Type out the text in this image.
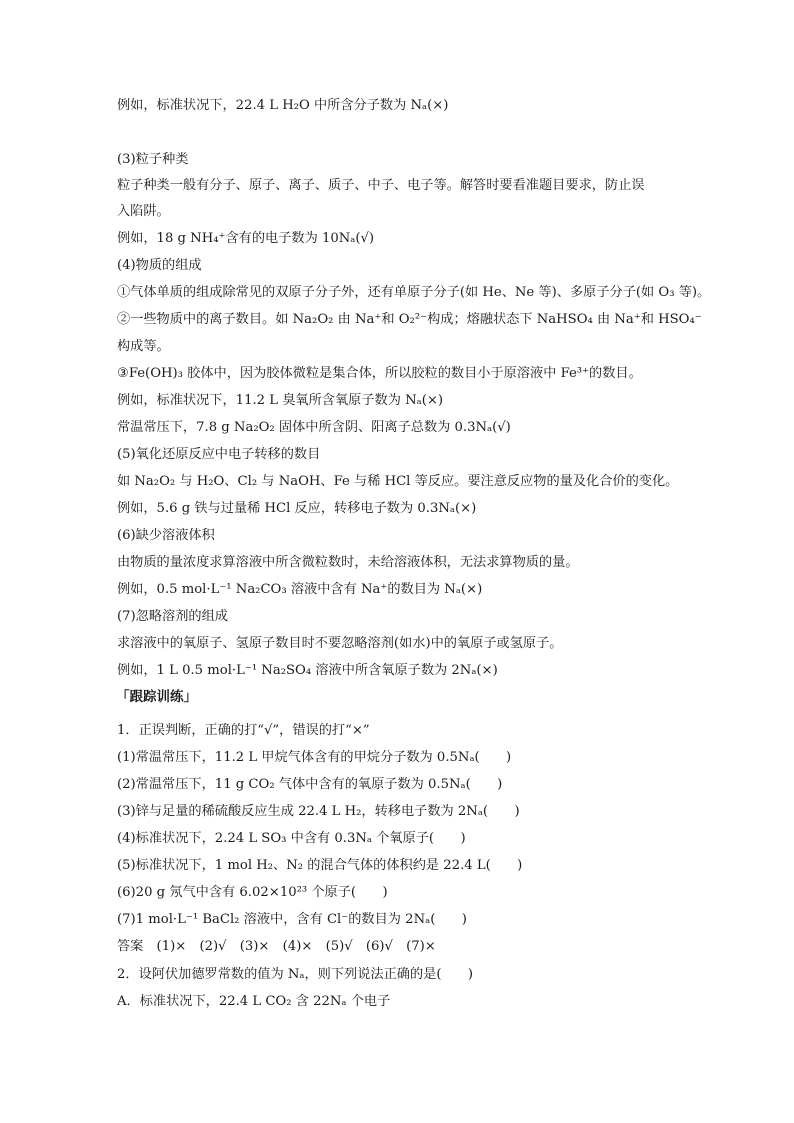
例如，标准状况下，22.4 L H₂O 中所含分子数为 Nₐ(×)
(3)粒子种类
粒子种类一般有分子、原子、离子、质子、中子、电子等。解答时要看准题目要求，防止误
入陷阱。
例如，18 g NH₄⁺含有的电子数为 10Nₐ(√)
(4)物质的组成
①气体单质的组成除常见的双原子分子外，还有单原子分子(如 He、Ne 等)、多原子分子(如 O₃ 等)。
②一些物质中的离子数目。如 Na₂O₂ 由 Na⁺和 O₂²⁻构成；熔融状态下 NaHSO₄ 由 Na⁺和 HSO₄⁻
构成等。
③Fe(OH)₃ 胶体中，因为胶体微粒是集合体，所以胶粒的数目小于原溶液中 Fe³⁺的数目。
例如，标准状况下，11.2 L 臭氧所含氧原子数为 Nₐ(×)
常温常压下，7.8 g Na₂O₂ 固体中所含阴、阳离子总数为 0.3Nₐ(√)
(5)氧化还原反应中电子转移的数目
如 Na₂O₂ 与 H₂O、Cl₂ 与 NaOH、Fe 与稀 HCl 等反应。要注意反应物的量及化合价的变化。
例如，5.6 g 铁与过量稀 HCl 反应，转移电子数为 0.3Nₐ(×)
(6)缺少溶液体积
由物质的量浓度求算溶液中所含微粒数时，未给溶液体积，无法求算物质的量。
例如，0.5 mol·L⁻¹ Na₂CO₃ 溶液中含有 Na⁺的数目为 Nₐ(×)
(7)忽略溶剂的组成
求溶液中的氧原子、氢原子数目时不要忽略溶剂(如水)中的氧原子或氢原子。
例如，1 L 0.5 mol·L⁻¹ Na₂SO₄ 溶液中所含氧原子数为 2Nₐ(×)
「跟踪训练」
1．正误判断，正确的打“√”，错误的打“×”
(1)常温常压下，11.2 L 甲烷气体含有的甲烷分子数为 0.5Nₐ(　　)
(2)常温常压下，11 g CO₂ 气体中含有的氧原子数为 0.5Nₐ(　　)
(3)锌与足量的稀硫酸反应生成 22.4 L H₂，转移电子数为 2Nₐ(　　)
(4)标准状况下，2.24 L SO₃ 中含有 0.3Nₐ 个氧原子(　　)
(5)标准状况下，1 mol H₂、N₂ 的混合气体的体积约是 22.4 L(　　)
(6)20 g 氖气中含有 6.02×10²³ 个原子(　　)
(7)1 mol·L⁻¹ BaCl₂ 溶液中，含有 Cl⁻的数目为 2Nₐ(　　)
答案　(1)×　(2)√　(3)×　(4)×　(5)√　(6)√　(7)×
2．设阿伏加德罗常数的值为 Nₐ，则下列说法正确的是(　　)
A．标准状况下，22.4 L CO₂ 含 22Nₐ 个电子
